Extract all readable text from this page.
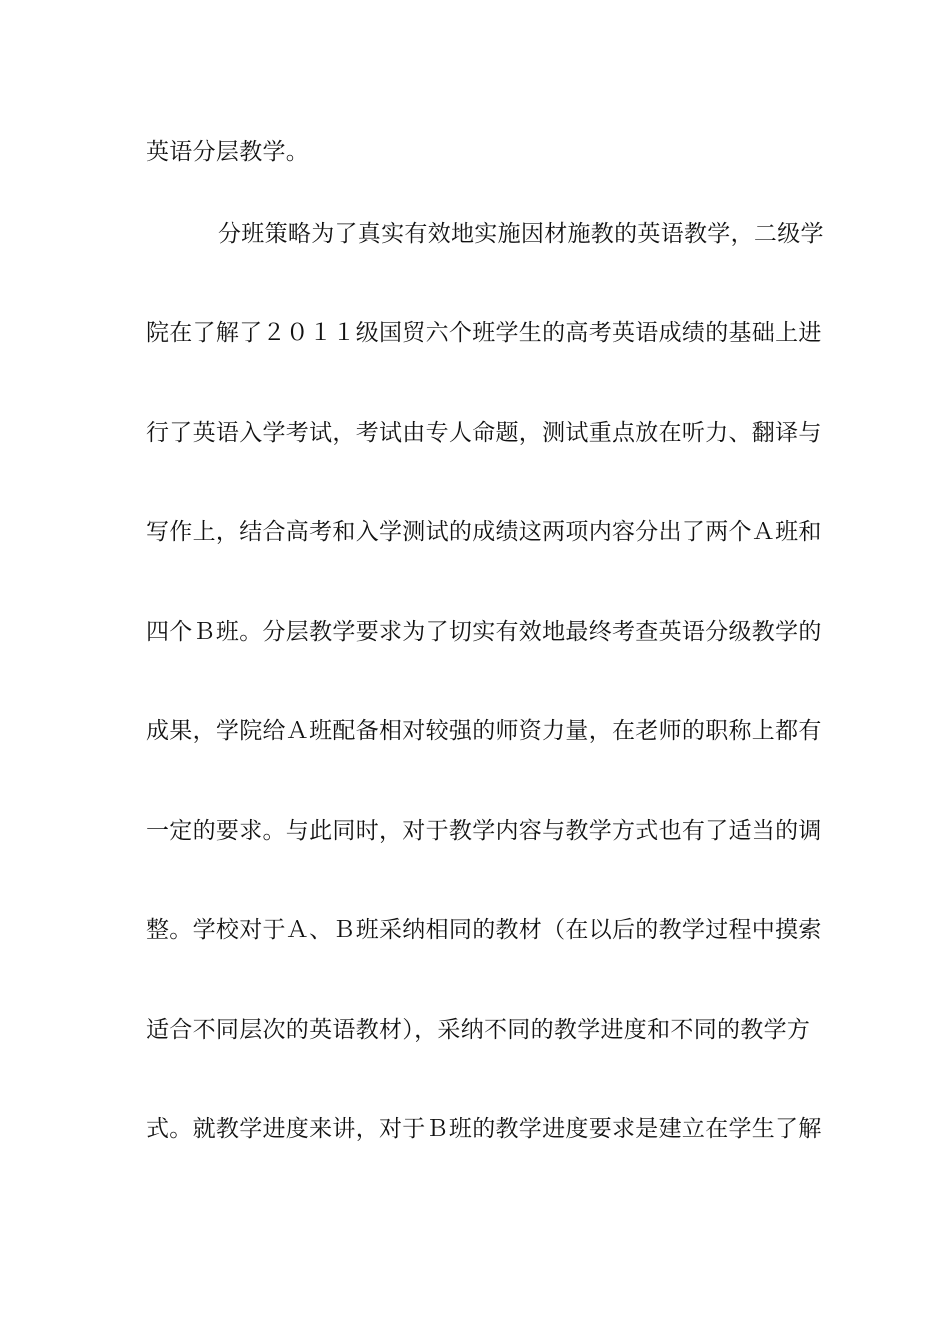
英语分层教学。
分班策略为了真实有效地实施因材施教的英语教学，二级学
院在了解了２０１１级国贸六个班学生的高考英语成绩的基础上进
行了英语入学考试，考试由专人命题，测试重点放在听力、翻译与
写作上，结合高考和入学测试的成绩这两项内容分出了两个Ａ班和
四个Ｂ班。分层教学要求为了切实有效地最终考查英语分级教学的
成果，学院给Ａ班配备相对较强的师资力量，在老师的职称上都有
一定的要求。与此同时，对于教学内容与教学方式也有了适当的调
整。学校对于Ａ、Ｂ班采纳相同的教材（在以后的教学过程中摸索
适合不同层次的英语教材），采纳不同的教学进度和不同的教学方
式。就教学进度来讲，对于Ｂ班的教学进度要求是建立在学生了解
